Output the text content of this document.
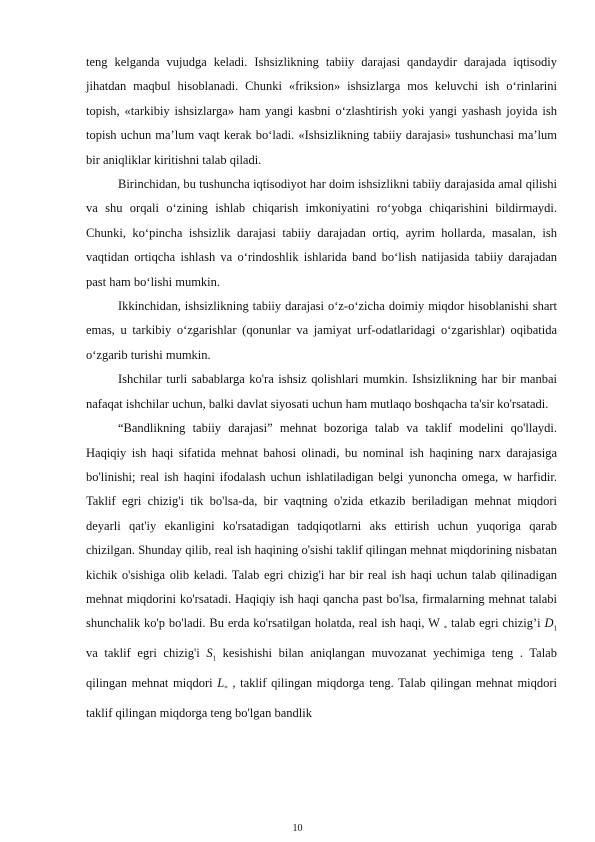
teng kelganda vujudga keladi. Ishsizlikning tabiiy darajasi qandaydir darajada iqtisodiy jihatdan maqbul hisoblanadi. Chunki «friksion» ishsizlarga mos keluvchi ish o‘rinlarini topish, «tarkibiy ishsizlarga» ham yangi kasbni o‘zlashtirish yoki yangi yashash joyida ish topish uchun ma’lum vaqt kerak bo‘ladi. «Ishsizlikning tabiiy darajasi» tushunchasi ma’lum bir aniqliklar kiritishni talab qiladi.

Birinchidan, bu tushuncha iqtisodiyot har doim ishsizlikni tabiiy darajasida amal qilishi va shu orqali o‘zining ishlab chiqarish imkoniyatini ro‘yobga chiqarishini bildirmaydi. Chunki, ko‘pincha ishsizlik darajasi tabiiy darajadan ortiq, ayrim hollarda, masalan, ish vaqtidan ortiqcha ishlash va o‘rindoshlik ishlarida band bo‘lish natijasida tabiiy darajadan past ham bo‘lishi mumkin.

Ikkinchidan, ishsizlikning tabiiy darajasi o‘z-o‘zicha doimiy miqdor hisoblanishi shart emas, u tarkibiy o‘zgarishlar (qonunlar va jamiyat urf-odatlaridagi o‘zgarishlar) oqibatida o‘zgarib turishi mumkin.

Ishchilar turli sabablarga ko'ra ishsiz qolishlari mumkin. Ishsizlikning har bir manbai nafaqat ishchilar uchun, balki davlat siyosati uchun ham mutlaqo boshqacha ta'sir ko'rsatadi.

“Bandlikning tabiiy darajasi” mehnat bozoriga talab va taklif modelini qo'llaydi. Haqiqiy ish haqi sifatida mehnat bahosi olinadi, bu nominal ish haqining narx darajasiga bo'linishi; real ish haqini ifodalash uchun ishlatiladigan belgi yunoncha omega, w harfidir. Taklif egri chizig'i tik bo'lsa-da, bir vaqtning o'zida etkazib beriladigan mehnat miqdori deyarli qat'iy ekanligini ko'rsatadigan tadqiqotlarni aks ettirish uchun yuqoriga qarab chizilgan. Shunday qilib, real ish haqining o'sishi taklif qilingan mehnat miqdorining nisbatan kichik o'sishiga olib keladi. Talab egri chizig'i har bir real ish haqi uchun talab qilinadigan mehnat miqdorini ko'rsatadi. Haqiqiy ish haqi qancha past bo'lsa, firmalarning mehnat talabi shunchalik ko'p bo'ladi. Bu erda ko'rsatilgan holatda, real ish haqi, W $_*$ talab egri chizig’i $D_1$ va taklif egri chizig'i $S_1$ kesishishi bilan aniqlangan muvozanat yechimiga teng . Talab qilingan mehnat miqdori $L_*$ , taklif qilingan miqdorga teng. Talab qilingan mehnat miqdori taklif qilingan miqdorga teng bo'lgan bandlik

10
